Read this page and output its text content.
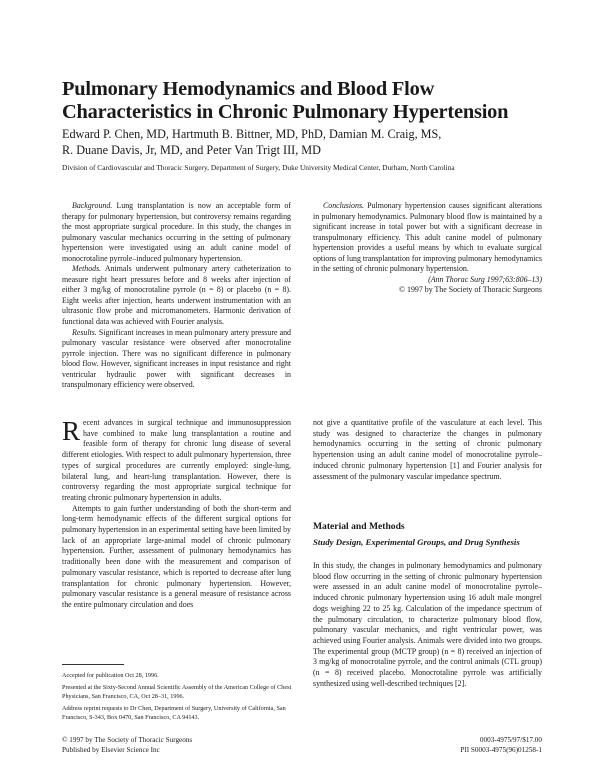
Pulmonary Hemodynamics and Blood Flow
Characteristics in Chronic Pulmonary Hypertension
Edward P. Chen, MD, Hartmuth B. Bittner, MD, PhD, Damian M. Craig, MS,
R. Duane Davis, Jr, MD, and Peter Van Trigt III, MD
Division of Cardiovascular and Thoracic Surgery, Department of Surgery, Duke University Medical Center, Durham, North Carolina

Background. Lung transplantation is now an acceptable form of therapy for pulmonary hypertension, but controversy remains regarding the most appropriate surgical procedure. In this study, the changes in pulmonary vascular mechanics occurring in the setting of pulmonary hypertension were investigated using an adult canine model of monocrotaline pyrrole–induced pulmonary hypertension.

Methods. Animals underwent pulmonary artery catheterization to measure right heart pressures before and 8 weeks after injection of either 3 mg/kg of monocrotaline pyrrole (n = 8) or placebo (n = 8). Eight weeks after injection, hearts underwent instrumentation with an ultrasonic flow probe and micromanometers. Harmonic derivation of functional data was achieved with Fourier analysis.

Results. Significant increases in mean pulmonary artery pressure and pulmonary vascular resistance were observed after monocrotaline pyrrole injection. There was no significant difference in pulmonary blood flow. However, significant increases in input resistance and right ventricular hydraulic power with significant decreases in transpulmonary efficiency were observed.

Conclusions. Pulmonary hypertension causes significant alterations in pulmonary hemodynamics. Pulmonary blood flow is maintained by a significant increase in total power but with a significant decrease in transpulmonary efficiency. This adult canine model of pulmonary hypertension provides a useful means by which to evaluate surgical options of lung transplantation for improving pulmonary hemodynamics in the setting of chronic pulmonary hypertension.

(Ann Thorac Surg 1997;63:806–13)

© 1997 by The Society of Thoracic Surgeons

Recent advances in surgical technique and immunosuppression have combined to make lung transplantation a routine and feasible form of therapy for chronic lung disease of several different etiologies. With respect to adult pulmonary hypertension, three types of surgical procedures are currently employed: single-lung, bilateral lung, and heart-lung transplantation. However, there is controversy regarding the most appropriate surgical technique for treating chronic pulmonary hypertension in adults.

Attempts to gain further understanding of both the short-term and long-term hemodynamic effects of the different surgical options for pulmonary hypertension in an experimental setting have been limited by lack of an appropriate large-animal model of chronic pulmonary hypertension. Further, assessment of pulmonary hemodynamics has traditionally been done with the measurement and comparison of pulmonary vascular resistance, which is reported to decrease after lung transplantation for chronic pulmonary hypertension. However, pulmonary vascular resistance is a general measure of resistance across the entire pulmonary circulation and does

Accepted for publication Oct 28, 1996.

Presented at the Sixty-Second Annual Scientific Assembly of the American College of Chest Physicians, San Francisco, CA, Oct 28–31, 1996.

Address reprint requests to Dr Chen, Department of Surgery, University of California, San Francisco, S-343, Box 0470, San Francisco, CA 94143.

not give a quantitative profile of the vasculature at each level. This study was designed to characterize the changes in pulmonary hemodynamics occurring in the setting of chronic pulmonary hypertension using an adult canine model of monocrotaline pyrrole–induced chronic pulmonary hypertension [1] and Fourier analysis for assessment of the pulmonary vascular impedance spectrum.

Material and Methods
Study Design, Experimental Groups, and Drug Synthesis

In this study, the changes in pulmonary hemodynamics and pulmonary blood flow occurring in the setting of chronic pulmonary hypertension were assessed in an adult canine model of monocrotaline pyrrole–induced chronic pulmonary hypertension using 16 adult male mongrel dogs weighing 22 to 25 kg. Calculation of the impedance spectrum of the pulmonary circulation, to characterize pulmonary blood flow, pulmonary vascular mechanics, and right ventricular power, was achieved using Fourier analysis. Animals were divided into two groups. The experimental group (MCTP group) (n = 8) received an injection of 3 mg/kg of monocrotaline pyrrole, and the control animals (CTL group) (n = 8) received placebo. Monocrotaline pyrrole was artificially synthesized using well-described techniques [2].

© 1997 by The Society of Thoracic Surgeons
Published by Elsevier Science Inc
0003-4975/97/$17.00
PII S0003-4975(96)01258-1
